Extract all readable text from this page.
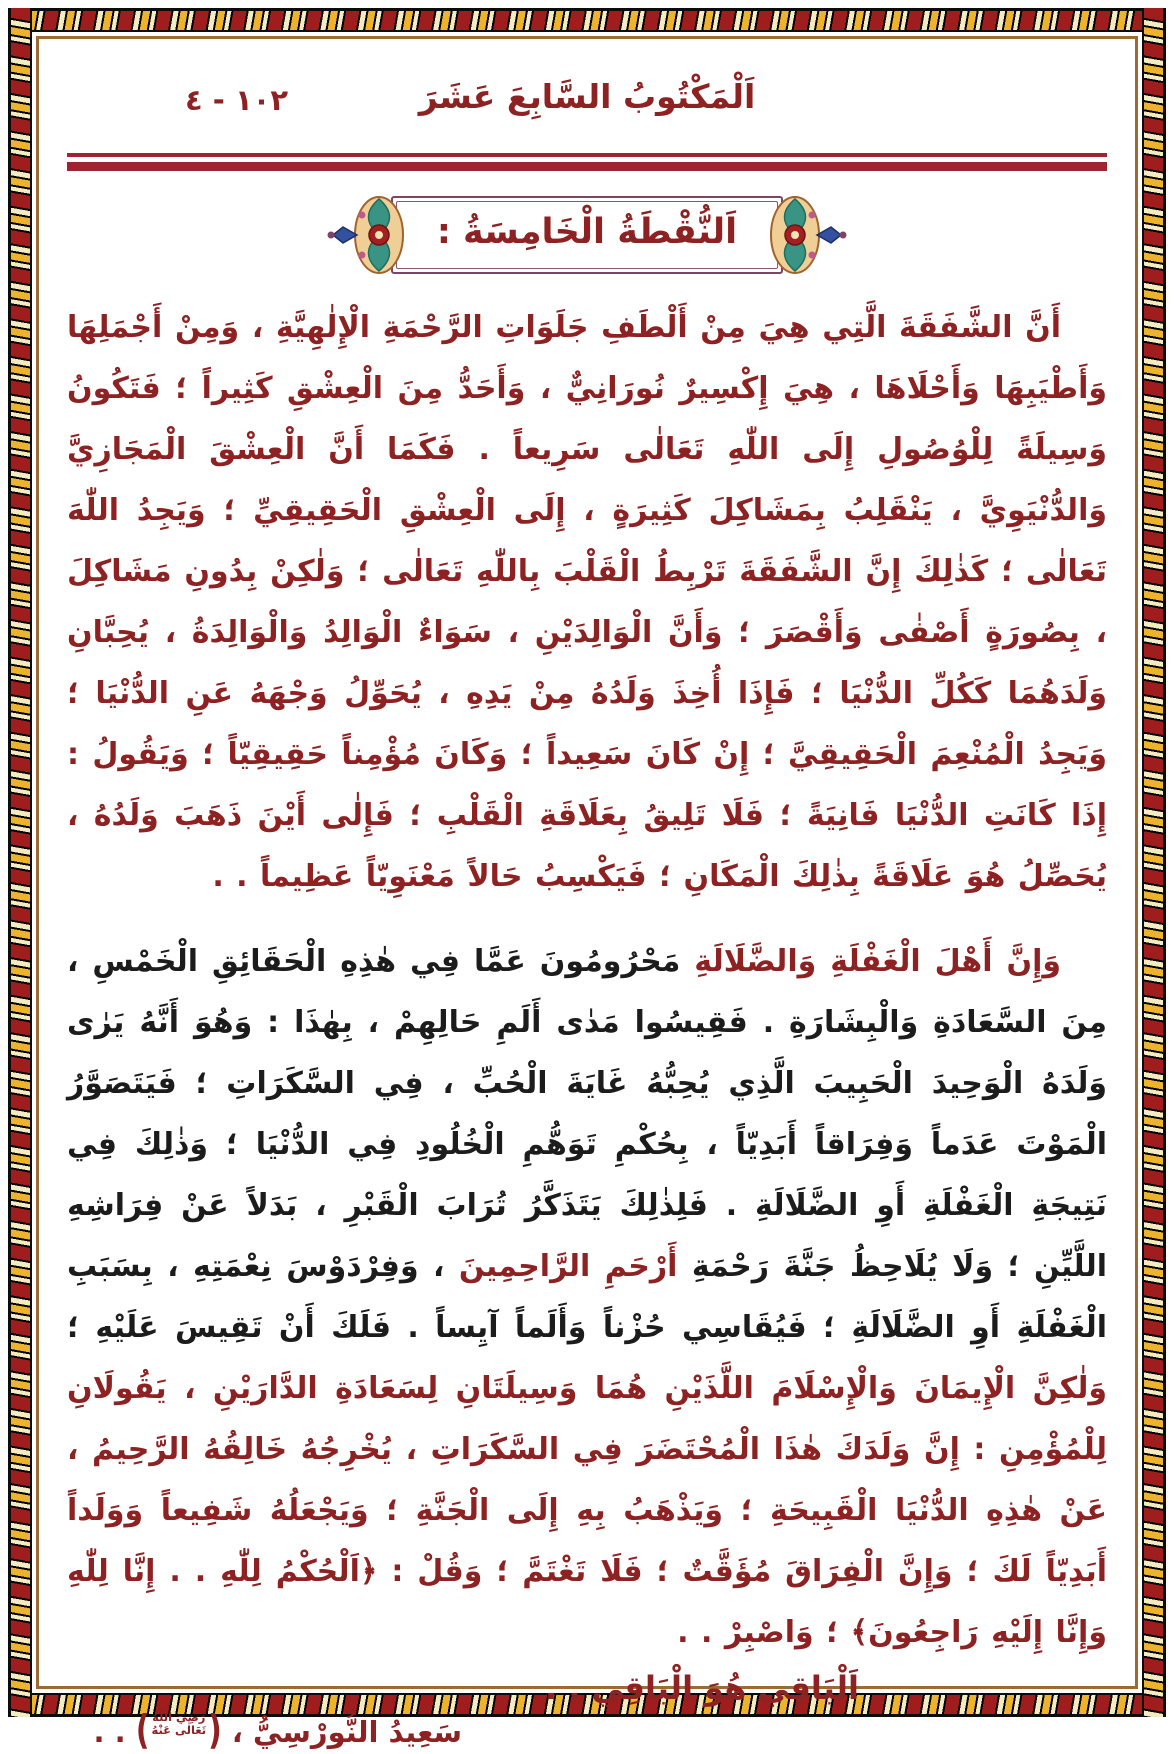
اَلْمَكْتُوبُ السَّابِعَ عَشَرَ
١٠٢ - ٤
اَلنُّقْطَةُ الْخَامِسَةُ :

أَنَّ الشَّفَقَةَ الَّتِي هِيَ مِنْ أَلْطَفِ جَلَوَاتِ الرَّحْمَةِ الْإِلٰهِيَّةِ ، وَمِنْ أَجْمَلِهَا وَأَطْيَبِهَا وَأَحْلَاهَا ، هِيَ إِكْسِيرٌ نُورَانِيٌّ ، وَأَحَدُّ مِنَ الْعِشْقِ كَثِيراً ؛ فَتَكُونُ وَسِيلَةً لِلْوُصُولِ إِلَى اللّٰهِ تَعَالٰى سَرِيعاً . فَكَمَا أَنَّ الْعِشْقَ الْمَجَازِيَّ وَالدُّنْيَوِيَّ ، يَنْقَلِبُ بِمَشَاكِلَ كَثِيرَةٍ ، إِلَى الْعِشْقِ الْحَقِيقِيِّ ؛ وَيَجِدُ اللّٰهَ تَعَالٰى ؛ كَذٰلِكَ إِنَّ الشَّفَقَةَ تَرْبِطُ الْقَلْبَ بِاللّٰهِ تَعَالٰى ؛ وَلٰكِنْ بِدُونِ مَشَاكِلَ ، بِصُورَةٍ أَصْفٰى وَأَقْصَرَ ؛ وَأَنَّ الْوَالِدَيْنِ ، سَوَاءٌ الْوَالِدُ وَالْوَالِدَةُ ، يُحِبَّانِ وَلَدَهُمَا كَكُلِّ الدُّنْيَا ؛ فَإِذَا أُخِذَ وَلَدُهُ مِنْ يَدِهِ ، يُحَوِّلُ وَجْهَهُ عَنِ الدُّنْيَا ؛ وَيَجِدُ الْمُنْعِمَ الْحَقِيقِيَّ ؛ إِنْ كَانَ سَعِيداً ؛ وَكَانَ مُؤْمِناً حَقِيقِيّاً ؛ وَيَقُولُ : إِذَا كَانَتِ الدُّنْيَا فَانِيَةً ؛ فَلَا تَلِيقُ بِعَلَاقَةِ الْقَلْبِ ؛ فَإِلٰى أَيْنَ ذَهَبَ وَلَدُهُ ، يُحَصِّلُ هُوَ عَلَاقَةً بِذٰلِكَ الْمَكَانِ ؛ فَيَكْسِبُ حَالاً مَعْنَوِيّاً عَظِيماً . .

وَإِنَّ أَهْلَ الْغَفْلَةِ وَالضَّلَالَةِ مَحْرُومُونَ عَمَّا فِي هٰذِهِ الْحَقَائِقِ الْخَمْسِ ، مِنَ السَّعَادَةِ وَالْبِشَارَةِ . فَقِيسُوا مَدٰى أَلَمِ حَالِهِمْ ، بِهٰذَا : وَهُوَ أَنَّهُ يَرٰى وَلَدَهُ الْوَحِيدَ الْحَبِيبَ الَّذِي يُحِبُّهُ غَايَةَ الْحُبِّ ، فِي السَّكَرَاتِ ؛ فَيَتَصَوَّرُ الْمَوْتَ عَدَماً وَفِرَاقاً أَبَدِيّاً ، بِحُكْمِ تَوَهُّمِ الْخُلُودِ فِي الدُّنْيَا ؛ وَذٰلِكَ فِي نَتِيجَةِ الْغَفْلَةِ أَوِ الضَّلَالَةِ . فَلِذٰلِكَ يَتَذَكَّرُ تُرَابَ الْقَبْرِ ، بَدَلاً عَنْ فِرَاشِهِ اللَّيِّنِ ؛ وَلَا يُلَاحِظُ جَنَّةَ رَحْمَةِ أَرْحَمِ الرَّاحِمِينَ ، وَفِرْدَوْسَ نِعْمَتِهِ ، بِسَبَبِ الْغَفْلَةِ أَوِ الضَّلَالَةِ ؛ فَيُقَاسِي حُزْناً وَأَلَماً آيِساً . فَلَكَ أَنْ تَقِيسَ عَلَيْهِ ؛ وَلٰكِنَّ الْإِيمَانَ وَالْإِسْلَامَ اللَّذَيْنِ هُمَا وَسِيلَتَانِ لِسَعَادَةِ الدَّارَيْنِ ، يَقُولَانِ لِلْمُؤْمِنِ : إِنَّ وَلَدَكَ هٰذَا الْمُحْتَضَرَ فِي السَّكَرَاتِ ، يُخْرِجُهُ خَالِقُهُ الرَّحِيمُ ، عَنْ هٰذِهِ الدُّنْيَا الْقَبِيحَةِ ؛ وَيَذْهَبُ بِهِ إِلَى الْجَنَّةِ ؛ وَيَجْعَلُهُ شَفِيعاً وَوَلَداً أَبَدِيّاً لَكَ ؛ وَإِنَّ الْفِرَاقَ مُؤَقَّتٌ ؛ فَلَا تَغْتَمَّ ؛ وَقُلْ : ﴿اَلْحُكْمُ لِلّٰهِ . . إِنَّا لِلّٰهِ وَإِنَّا إِلَيْهِ رَاجِعُونَ﴾ ؛ وَاصْبِرْ . .

اَلْبَاقِي هُوَ الْبَاقِي . .
سَعِيدُ النُّورْسِيُّ ، (
رَضِيَ اللّٰهُ
تَعَالٰى عَنْهُ
) . .
